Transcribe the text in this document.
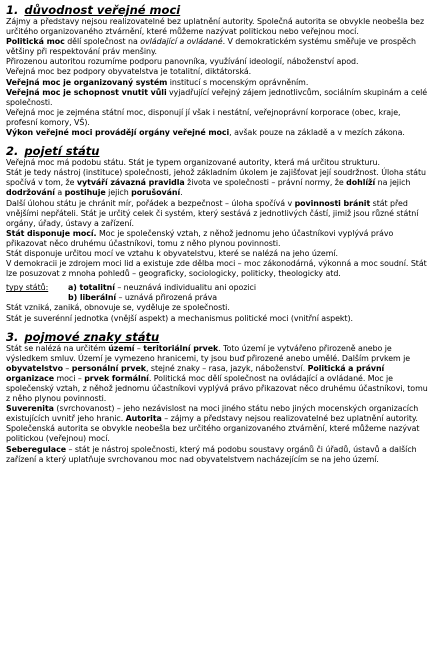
1. důvodnost veřejné moci

Zájmy a představy nejsou realizovatelné bez uplatnění autority. Společná autorita se obvykle neobešla bez určitého organizovaného ztvárnění, které můžeme nazývat politickou nebo veřejnou mocí.

Politická moc dělí společnost na ovládající a ovládané. V demokratickém systému směřuje ve prospěch většiny při respektování práv menšiny.

Přirozenou autoritou rozumíme podporu panovníka, využívání ideologií, náboženství apod.

Veřejná moc bez podpory obyvatelstva je totalitní, diktátorská.

Veřejná moc je organizovaný systém institucí s mocenským oprávněním.

Veřejná moc je schopnost vnutit vůli vyjadřující veřejný zájem jednotlivcům, sociálním skupinám a celé společnosti.

Veřejná moc je zejména státní moc, disponují jí však i nestátní, veřejnoprávní korporace (obec, kraje, profesní komory, VŠ).

Výkon veřejné moci provádějí orgány veřejné moci, avšak pouze na základě a v mezích zákona.

2. pojetí státu

Veřejná moc má podobu státu. Stát je typem organizované autority, která má určitou strukturu.

Stát je tedy nástroj (instituce) společnosti, jehož základním úkolem je zajišťovat její soudržnost. Úloha státu spočívá v tom, že vytváří závazná pravidla života ve společnosti – právní normy, že dohlíží na jejich dodržování a postihuje jejich porušování.

Další úlohou státu je chránit mír, pořádek a bezpečnost – úloha spočívá v povinnosti bránit stát před vnějšími nepřáteli. Stát je určitý celek či systém, který sestává z jednotlivých částí, jimiž jsou různé státní orgány, úřady, ústavy a zařízení.

Stát disponuje mocí. Moc je společenský vztah, z něhož jednomu jeho účastníkovi vyplývá právo přikazovat něco druhému účastníkovi, tomu z něho plynou povinnosti.

Stát disponuje určitou mocí ve vztahu k obyvatelstvu, které se nalézá na jeho území.

V demokracii je zdrojem moci lid a existuje zde dělba moci – moc zákonodárná, výkonná a moc soudní. Stát lze posuzovat z mnoha pohledů – geograficky, sociologicky, politicky, theologicky atd.

typy států:	a) totalitní – neuznává individualitu ani opozici

b) liberální – uznává přirozená práva

Stát vzniká, zaniká, obnovuje se, vyděluje ze společnosti.

Stát je suverénní jednotka (vnější aspekt) a mechanismus politické moci (vnitřní aspekt).

3. pojmové znaky státu

Stát se nalézá na určitém území – teritoriální prvek. Toto území je vytvářeno přirozeně anebo je výsledkem smluv. Území je vymezeno hranicemi, ty jsou buď přirozené anebo umělé. Dalším prvkem je obyvatelstvo – personální prvek, stejné znaky – rasa, jazyk, náboženství. Politická a právní organizace moci – prvek formální. Politická moc dělí společnost na ovládající a ovládané. Moc je společenský vztah, z něhož jednomu účastníkovi vyplývá právo přikazovat něco druhému účastníkovi, tomu z něho plynou povinnosti.

Suverenita (svrchovanost) – jeho nezávislost na moci jiného státu nebo jiných mocenských organizacích existujících uvnitř jeho hranic. Autorita – zájmy a představy nejsou realizovatelné bez uplatnění autority. Společenská autorita se obvykle neobešla bez určitého organizovaného ztvárnění, které můžeme nazývat politickou (veřejnou) mocí.

Seberegulace – stát je nástroj společnosti, který má podobu soustavy orgánů či úřadů, ústavů a dalších zařízení a který uplatňuje svrchovanou moc nad obyvatelstvem nacházejícím se na jeho území.
